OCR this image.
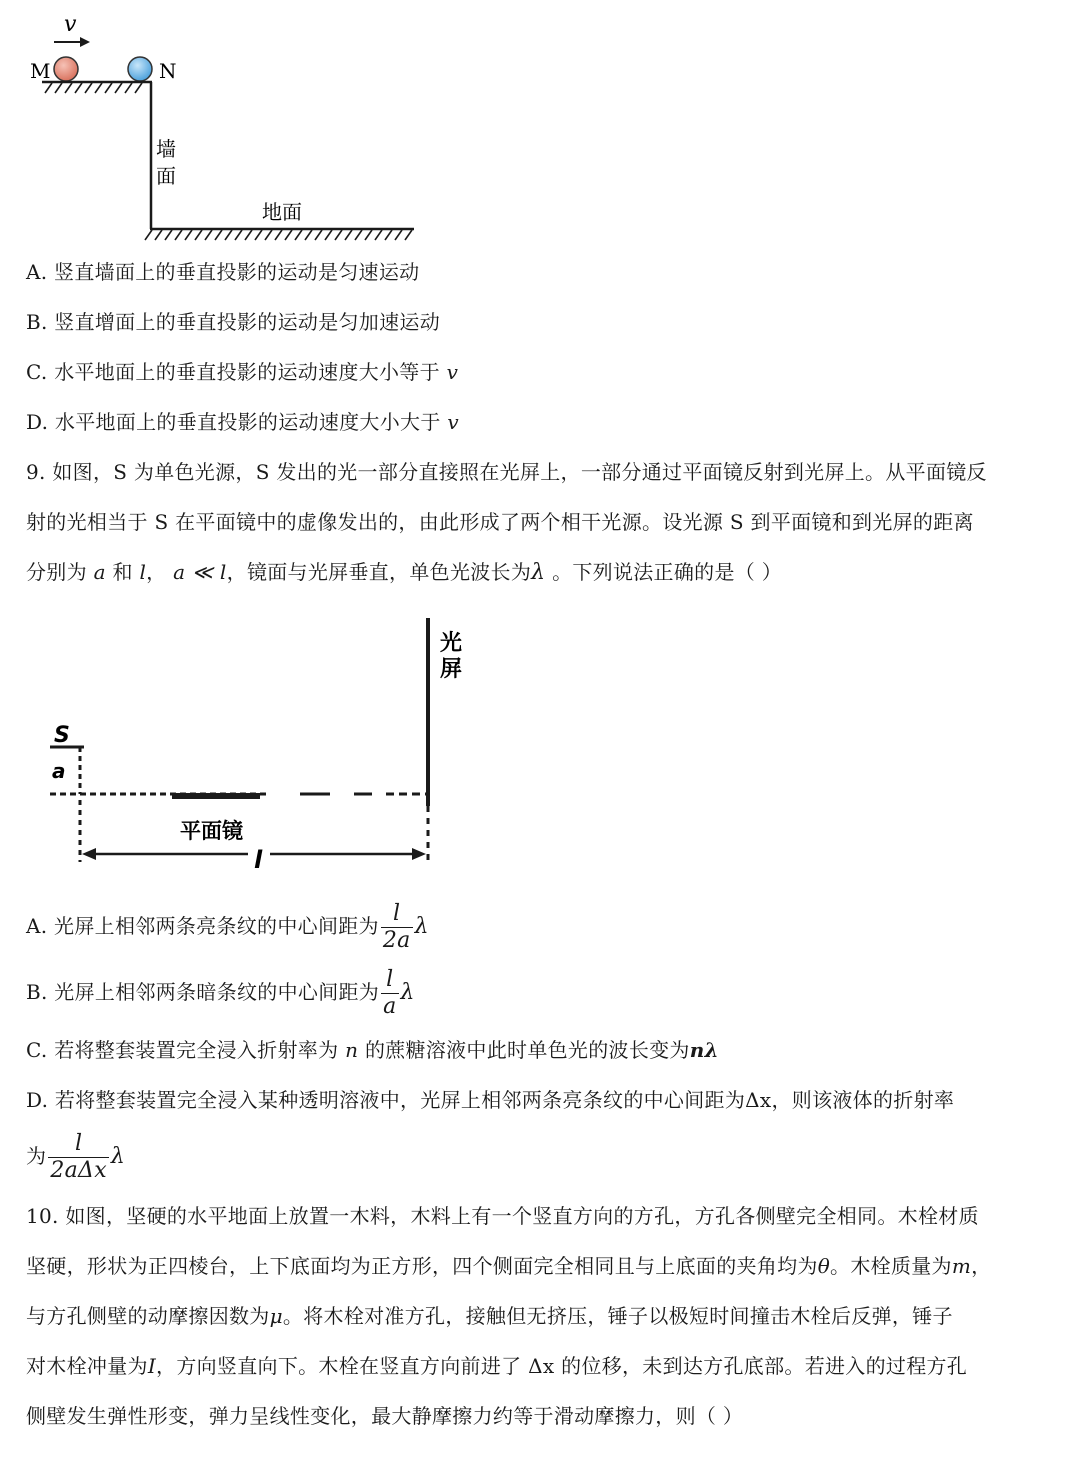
v
M	N
墙
面
地面
A. 竖直墙面上的垂直投影的运动是匀速运动
B. 竖直增面上的垂直投影的运动是匀加速运动
C. 水平地面上的垂直投影的运动速度大小等于 v
D. 水平地面上的垂直投影的运动速度大小大于 v
9. 如图，S 为单色光源，S 发出的光一部分直接照在光屏上，一部分通过平面镜反射到光屏上。从平面镜反
射的光相当于 S 在平面镜中的虚像发出的，由此形成了两个相干光源。设光源 S 到平面镜和到光屏的距离
分别为 a 和 l， a ≪ l，镜面与光屏垂直，单色光波长为λ 。下列说法正确的是（ ）
光
屏
S
a
平面镜
l
A. 光屏上相邻两条亮条纹的中心间距为 $\frac{l}{2a}$ λ
B. 光屏上相邻两条暗条纹的中心间距为 $\frac{l}{a}$ λ
C. 若将整套装置完全浸入折射率为 n 的蔗糖溶液中此时单色光的波长变为nλ
D. 若将整套装置完全浸入某种透明溶液中，光屏上相邻两条亮条纹的中心间距为Δx，则该液体的折射率
为 $\frac{l}{\text{2aΔx}}$ λ
10. 如图，坚硬的水平地面上放置一木料，木料上有一个竖直方向的方孔，方孔各侧壁完全相同。木栓材质
坚硬，形状为正四棱台，上下底面均为正方形，四个侧面完全相同且与上底面的夹角均为θ。木栓质量为m，
与方孔侧壁的动摩擦因数为μ。将木栓对准方孔，接触但无挤压，锤子以极短时间撞击木栓后反弹，锤子
对木栓冲量为I，方向竖直向下。木栓在竖直方向前进了 Δx 的位移，未到达方孔底部。若进入的过程方孔
侧壁发生弹性形变，弹力呈线性变化，最大静摩擦力约等于滑动摩擦力，则（ ）
